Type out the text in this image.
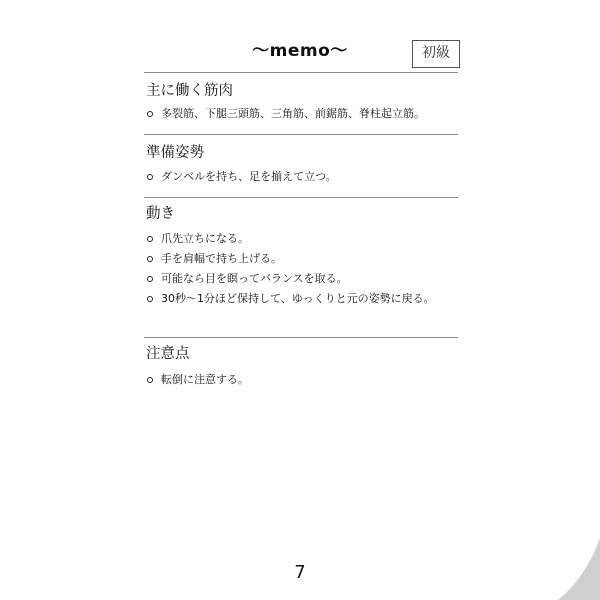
〜memo〜	初級
主に働く筋肉
多裂筋、下腿三頭筋、三角筋、前鋸筋、脊柱起立筋。
準備姿勢
ダンベルを持ち、足を揃えて立つ。
動き
爪先立ちになる。
手を肩幅で持ち上げる。
可能なら目を瞑ってバランスを取る。
30秒〜1分ほど保持して、ゆっくりと元の姿勢に戻る。
注意点
転倒に注意する。
7
